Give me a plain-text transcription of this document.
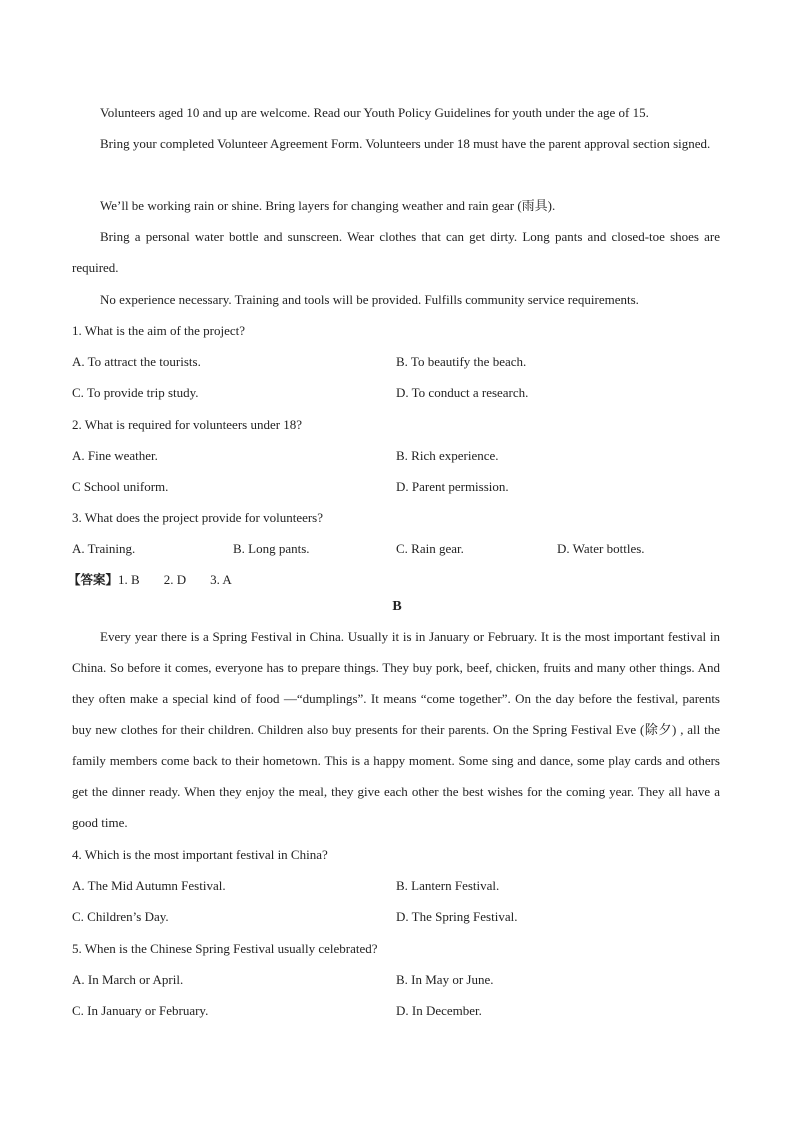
Volunteers aged 10 and up are welcome. Read our Youth Policy Guidelines for youth under the age of 15.

Bring your completed Volunteer Agreement Form. Volunteers under 18 must have the parent approval section signed.

We’ll be working rain or shine. Bring layers for changing weather and rain gear (雨具).

Bring a personal water bottle and sunscreen. Wear clothes that can get dirty. Long pants and closed-toe shoes are required.

No experience necessary. Training and tools will be provided. Fulfills community service requirements.

1. What is the aim of the project?

A. To attract the tourists.	B. To beautify the beach.

C. To provide trip study.	D. To conduct a research.

2. What is required for volunteers under 18?

A. Fine weather.	B. Rich experience.

C School uniform.	D. Parent permission.

3. What does the project provide for volunteers?

A. Training.	B. Long pants.	C. Rain gear.	D. Water bottles.

【答案】1. B 2. D 3. A

B

Every year there is a Spring Festival in China. Usually it is in January or February. It is the most important festival in China. So before it comes, everyone has to prepare things. They buy pork, beef, chicken, fruits and many other things. And they often make a special kind of food —“dumplings”. It means “come together”. On the day before the festival, parents buy new clothes for their children. Children also buy presents for their parents. On the Spring Festival Eve (除夕) , all the family members come back to their hometown. This is a happy moment. Some sing and dance, some play cards and others get the dinner ready. When they enjoy the meal, they give each other the best wishes for the coming year. They all have a good time.

4. Which is the most important festival in China?

A. The Mid Autumn Festival.	B. Lantern Festival.

C. Children’s Day.	D. The Spring Festival.

5. When is the Chinese Spring Festival usually celebrated?

A. In March or April.	B. In May or June.

C. In January or February.	D. In December.
